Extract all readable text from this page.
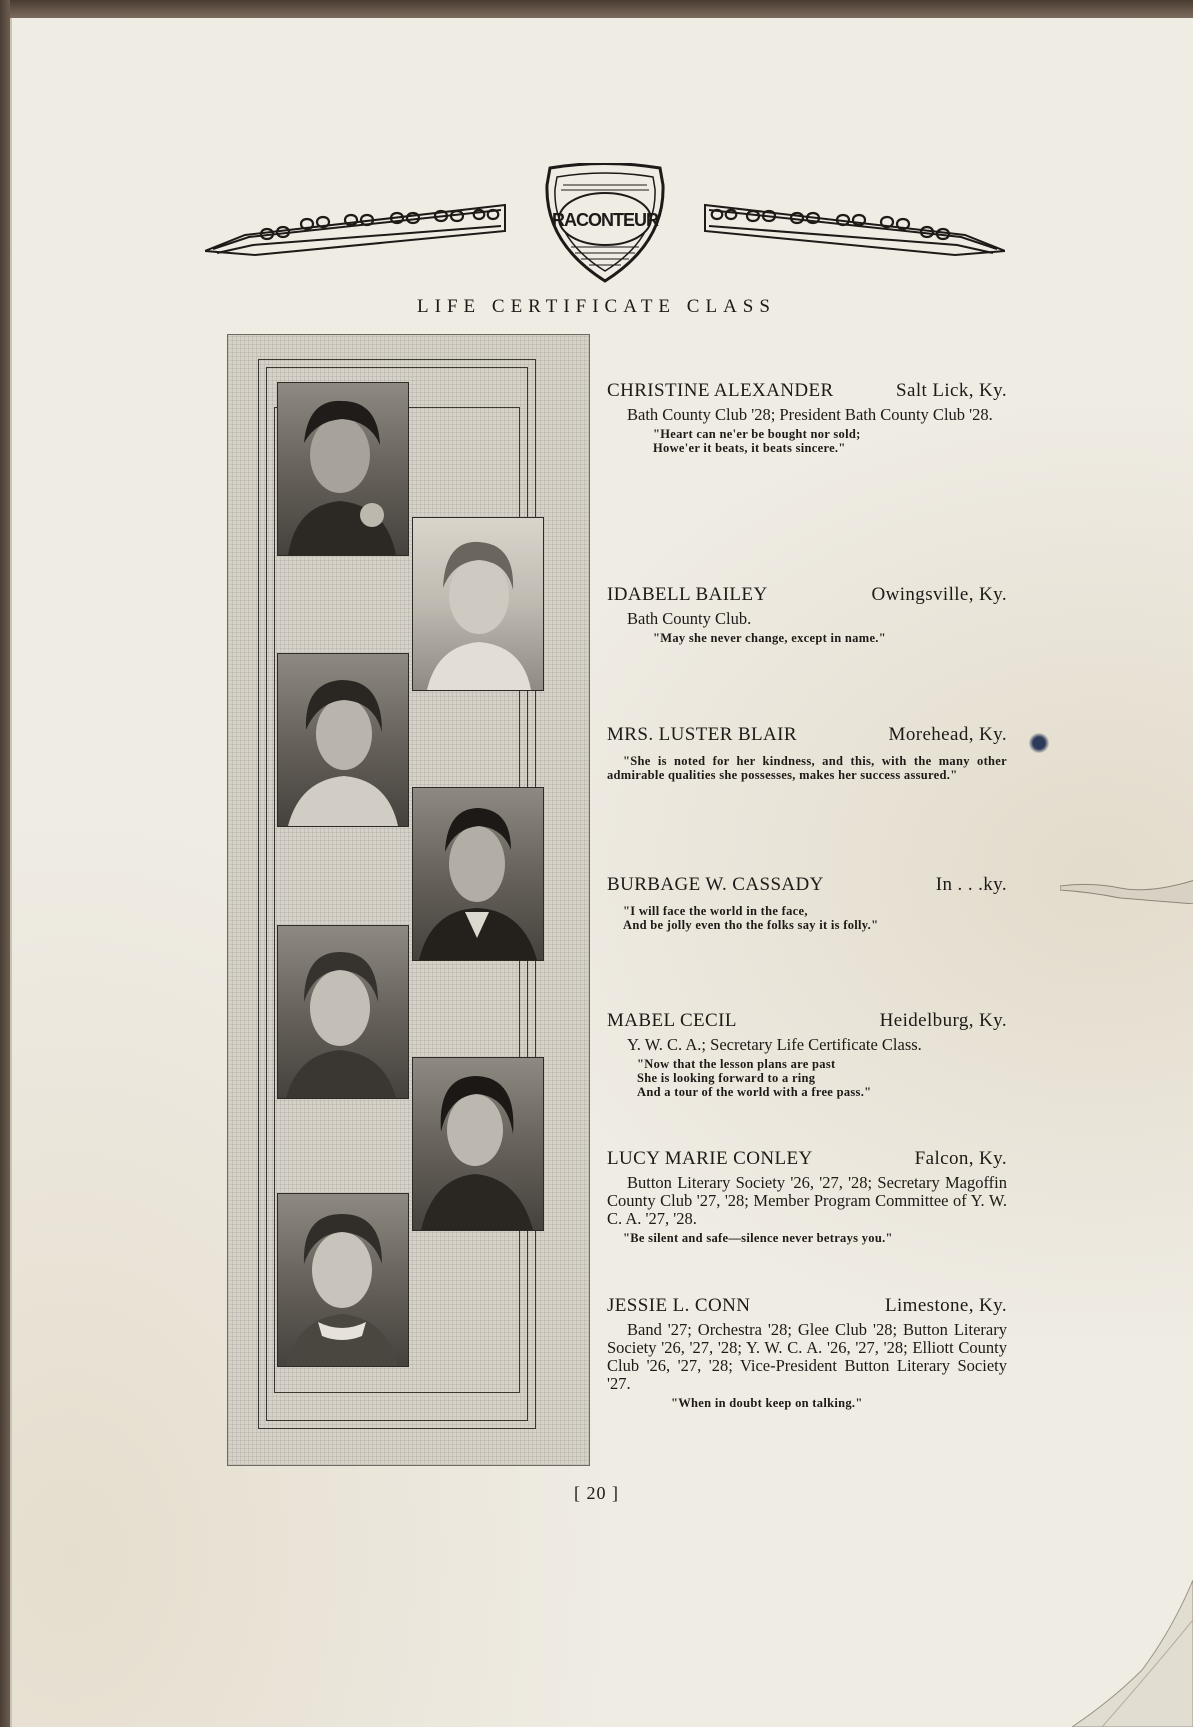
RACONTEUR
LIFE CERTIFICATE CLASS
CHRISTINE ALEXANDER	Salt Lick, Ky.
Bath County Club '28; President Bath County Club '28.
"Heart can ne'er be bought nor sold;
Howe'er it beats, it beats sincere."
IDABELL BAILEY	Owingsville, Ky.
Bath County Club.
"May she never change, except in name."
MRS. LUSTER BLAIR	Morehead, Ky.
"She is noted for her kindness, and this, with the many other admirable qualities she possesses, makes her success assured."
BURBAGE W. CASSADY	In . . .ky.
"I will face the world in the face,
And be jolly even tho the folks say it is folly."
MABEL CECIL	Heidelburg, Ky.
Y. W. C. A.; Secretary Life Certificate Class.
"Now that the lesson plans are past
She is looking forward to a ring
And a tour of the world with a free pass."
LUCY MARIE CONLEY	Falcon, Ky.
Button Literary Society '26, '27, '28; Secretary Magoffin County Club '27, '28; Member Program Committee of Y. W. C. A. '27, '28.
"Be silent and safe—silence never betrays you."
JESSIE L. CONN	Limestone, Ky.
Band '27; Orchestra '28; Glee Club '28; Button Literary Society '26, '27, '28; Y. W. C. A. '26, '27, '28; Elliott County Club '26, '27, '28; Vice-President Button Literary Society '27.
"When in doubt keep on talking."
[ 20 ]
